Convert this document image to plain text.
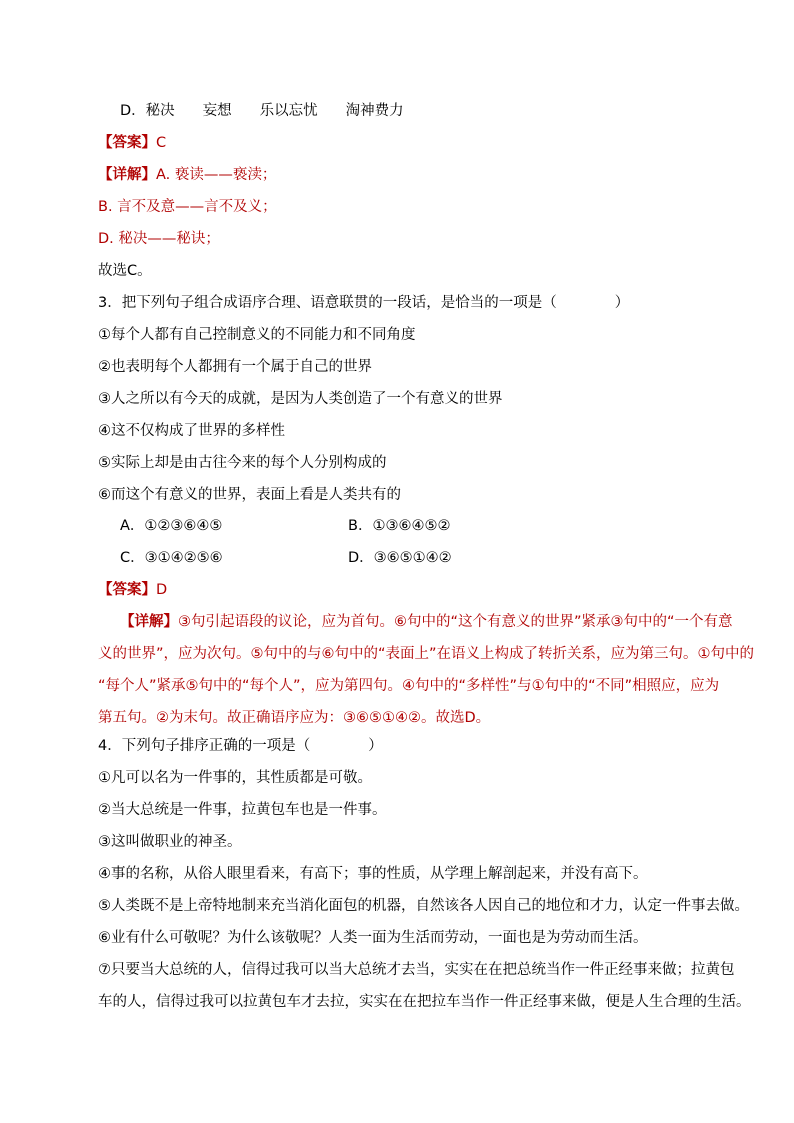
D．秘决 妄想 乐以忘忧 淘神费力
【答案】C
【详解】A. 亵读——亵渎；
B. 言不及意——言不及义；
D. 秘决——秘诀；
故选C。
3．把下列句子组合成语序合理、语意联贯的一段话，是恰当的一项是（　　　　）
①每个人都有自己控制意义的不同能力和不同角度
②也表明每个人都拥有一个属于自己的世界
③人之所以有今天的成就，是因为人类创造了一个有意义的世界
④这不仅构成了世界的多样性
⑤实际上却是由古往今来的每个人分别构成的
⑥而这个有意义的世界，表面上看是人类共有的
A．①②③⑥④⑤	B．①③⑥④⑤②
C．③①④②⑤⑥	D．③⑥⑤①④②
【答案】D
【详解】③句引起语段的议论，应为首句。⑥句中的“这个有意义的世界”紧承③句中的“一个有意
义的世界”，应为次句。⑤句中的与⑥句中的“表面上”在语义上构成了转折关系，应为第三句。①句中的
“每个人”紧承⑤句中的“每个人”，应为第四句。④句中的“多样性”与①句中的“不同”相照应，应为
第五句。②为末句。故正确语序应为：③⑥⑤①④②。故选D。
4．下列句子排序正确的一项是（　　　　）
①凡可以名为一件事的，其性质都是可敬。
②当大总统是一件事，拉黄包车也是一件事。
③这叫做职业的神圣。
④事的名称，从俗人眼里看来，有高下；事的性质，从学理上解剖起来，并没有高下。
⑤人类既不是上帝特地制来充当消化面包的机器，自然该各人因自己的地位和才力，认定一件事去做。
⑥业有什么可敬呢？为什么该敬呢？人类一面为生活而劳动，一面也是为劳动而生活。
⑦只要当大总统的人，信得过我可以当大总统才去当，实实在在把总统当作一件正经事来做；拉黄包
车的人，信得过我可以拉黄包车才去拉，实实在在把拉车当作一件正经事来做，便是人生合理的生活。
